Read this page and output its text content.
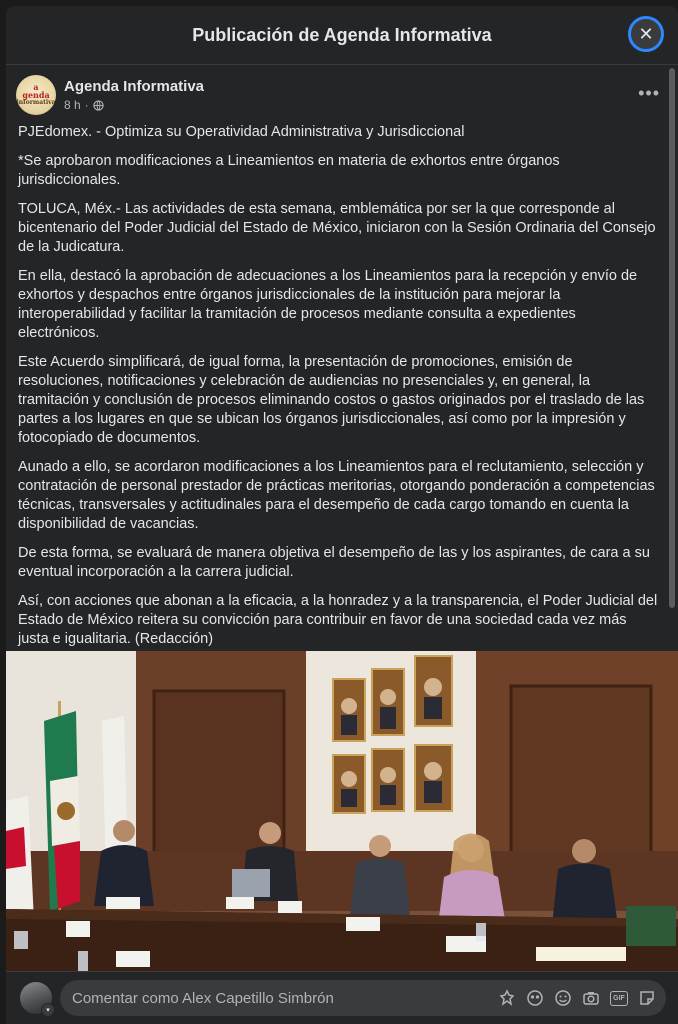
Publicación de Agenda Informativa	✕
a
genda
informativa
Agenda Informativa
8 h ·
•••

PJEdomex. - Optimiza su Operatividad Administrativa y Jurisdiccional

*Se aprobaron modificaciones a Lineamientos en materia de exhortos entre órganos jurisdiccionales.

TOLUCA, Méx.- Las actividades de esta semana, emblemática por ser la que corresponde al bicentenario del Poder Judicial del Estado de México, iniciaron con la Sesión Ordinaria del Consejo de la Judicatura.

En ella, destacó la aprobación de adecuaciones a los Lineamientos para la recepción y envío de exhortos y despachos entre órganos jurisdiccionales de la institución para mejorar la interoperabilidad y facilitar la tramitación de procesos mediante consulta a expedientes electrónicos.

Este Acuerdo simplificará, de igual forma, la presentación de promociones, emisión de resoluciones, notificaciones y celebración de audiencias no presenciales y, en general, la tramitación y conclusión de procesos eliminando costos o gastos originados por el traslado de las partes a los lugares en que se ubican los órganos jurisdiccionales, así como por la impresión y fotocopiado de documentos.

Aunado a ello, se acordaron modificaciones a los Lineamientos para el reclutamiento, selección y contratación de personal prestador de prácticas meritorias, otorgando ponderación a competencias técnicas, transversales y actitudinales para el desempeño de cada cargo tomando en cuenta la disponibilidad de vacancias.

De esta forma, se evaluará de manera objetiva el desempeño de las y los aspirantes, de cara a su eventual incorporación a la carrera judicial.

Así, con acciones que abonan a la eficacia, a la honradez y a la transparencia, el Poder Judicial del Estado de México reitera su convicción para contribuir en favor de una sociedad cada vez más justa e igualitaria. (Redacción)

▾
Comentar como Alex Capetillo Simbrón	GIF
